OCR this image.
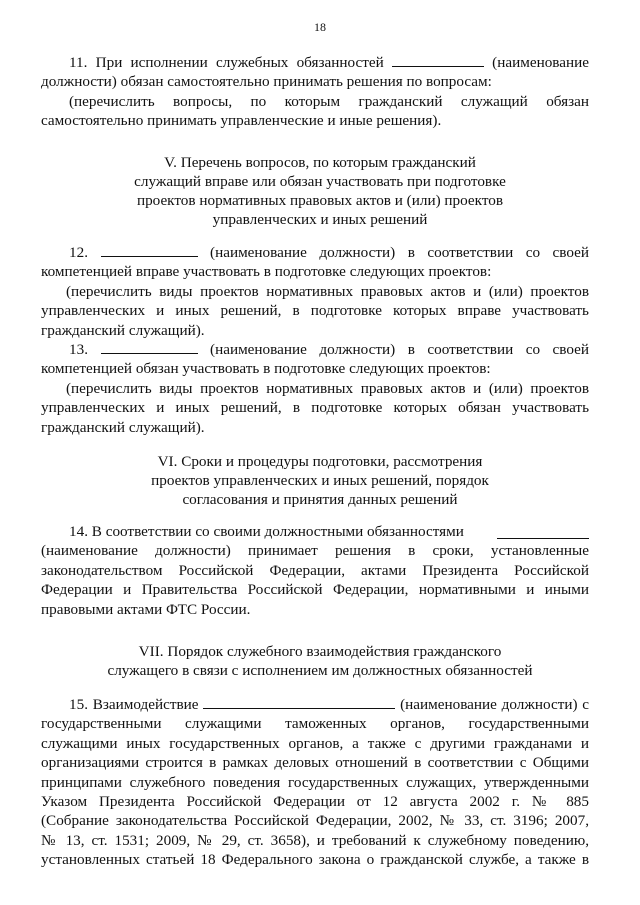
18

11. При исполнении служебных обязанностей	(наименование

должности) обязан самостоятельно принимать решения по вопросам:

(перечислить вопросы, по которым гражданский служащий обязан

самостоятельно принимать управленческие и иные решения).

V. Перечень вопросов, по которым гражданский

служащий вправе или обязан участвовать при подготовке

проектов нормативных правовых актов и (или) проектов

управленческих и иных решений

12.	(наименование должности) в соответствии со своей

компетенцией вправе участвовать в подготовке следующих проектов:

(перечислить виды проектов нормативных правовых актов и (или) проектов

управленческих и иных решений, в подготовке которых вправе участвовать

гражданский служащий).

13.	(наименование должности) в соответствии со своей

компетенцией обязан участвовать в подготовке следующих проектов:

(перечислить виды проектов нормативных правовых актов и (или) проектов

управленческих и иных решений, в подготовке которых обязан участвовать

гражданский служащий).

VI. Сроки и процедуры подготовки, рассмотрения

проектов управленческих и иных решений, порядок

согласования и принятия данных решений

14. В соответствии со своими должностными обязанностями

(наименование должности) принимает решения в сроки, установленные

законодательством Российской Федерации, актами Президента Российской

Федерации и Правительства Российской Федерации, нормативными и иными

правовыми актами ФТС России.

VII. Порядок служебного взаимодействия гражданского

служащего в связи с исполнением им должностных обязанностей

15. Взаимодействие	(наименование должности) с

государственными служащими таможенных органов, государственными

служащими иных государственных органов, а также с другими гражданами и

организациями строится в рамках деловых отношений в соответствии с Общими

принципами служебного поведения государственных служащих, утвержденными

Указом Президента Российской Федерации от 12 августа 2002 г. № 885

(Собрание законодательства Российской Федерации, 2002, № 33, ст. 3196; 2007,

№ 13, ст. 1531; 2009, № 29, ст. 3658), и требований к служебному поведению,

установленных статьей 18 Федерального закона о гражданской службе, а также в
